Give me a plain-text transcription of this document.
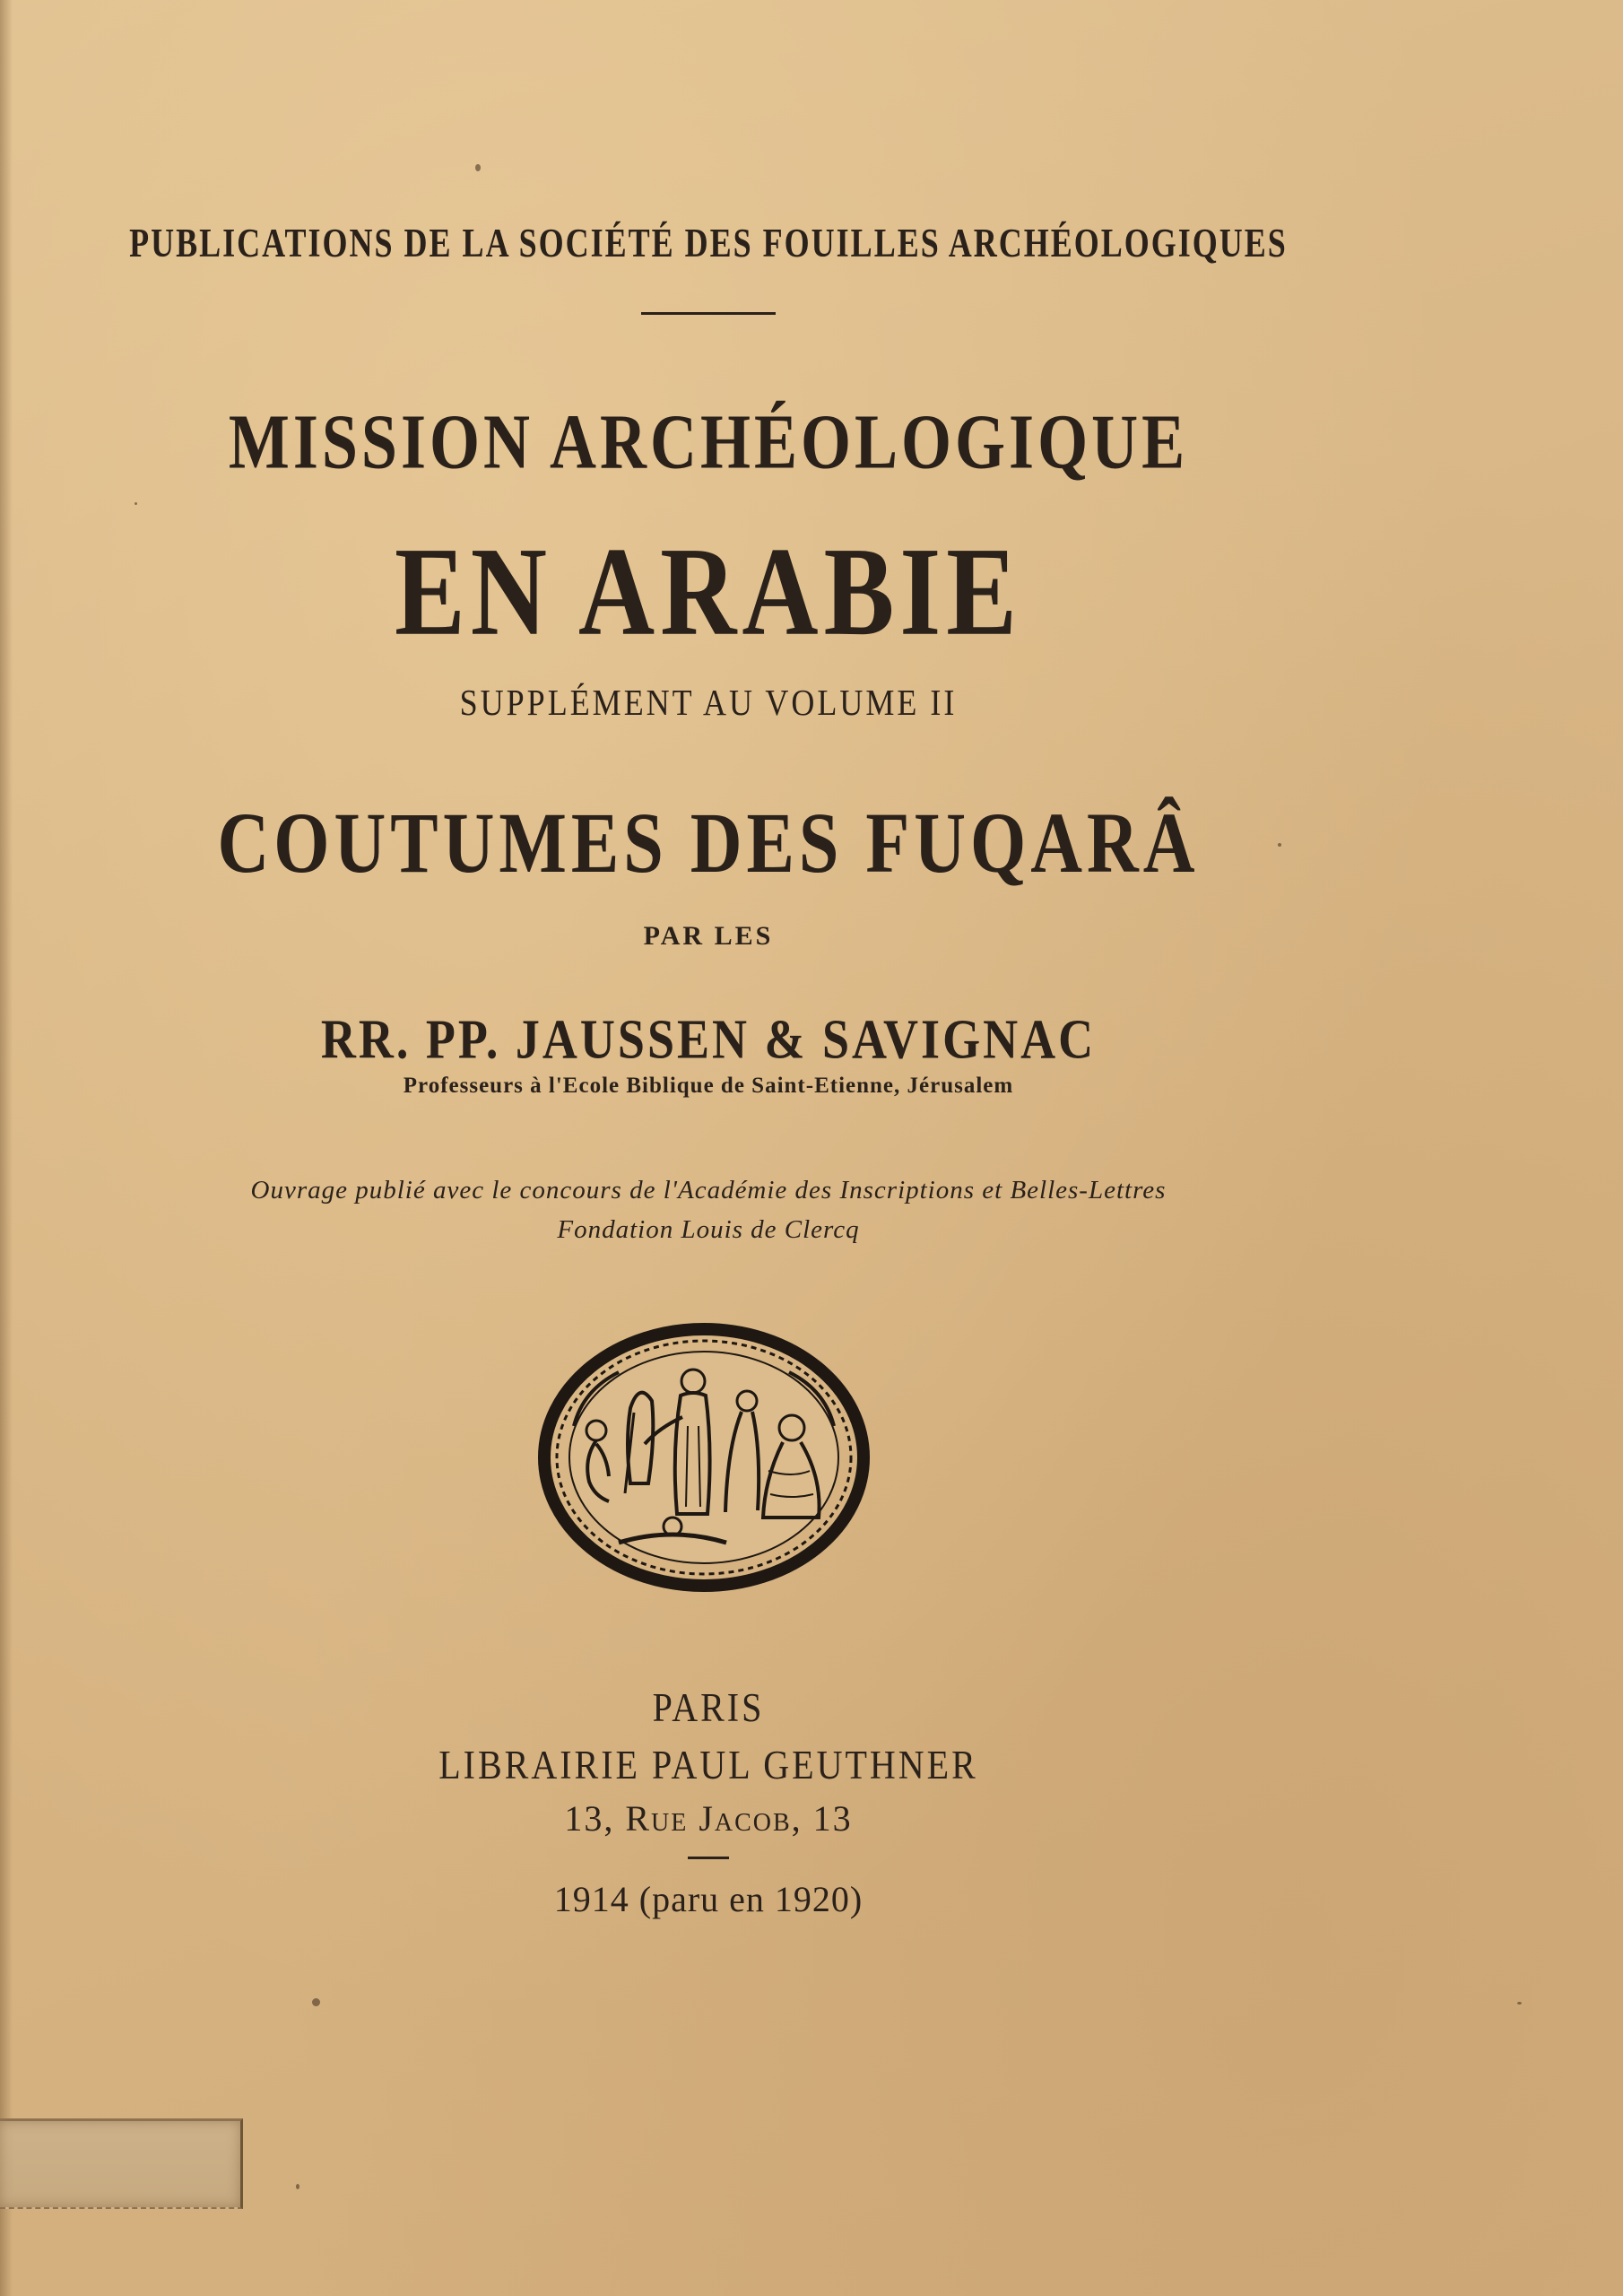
PUBLICATIONS DE LA SOCIÉTÉ DES FOUILLES ARCHÉOLOGIQUES
MISSION ARCHÉOLOGIQUE
EN ARABIE
SUPPLÉMENT AU VOLUME II
COUTUMES DES FUQARÂ
PAR LES
RR. PP. JAUSSEN & SAVIGNAC
Professeurs à l'Ecole Biblique de Saint-Etienne, Jérusalem
Ouvrage publié avec le concours de l'Académie des Inscriptions et Belles-Lettres
Fondation Louis de Clercq
PARIS
LIBRAIRIE PAUL GEUTHNER
13, Rue Jacob, 13
1914 (paru en 1920)
